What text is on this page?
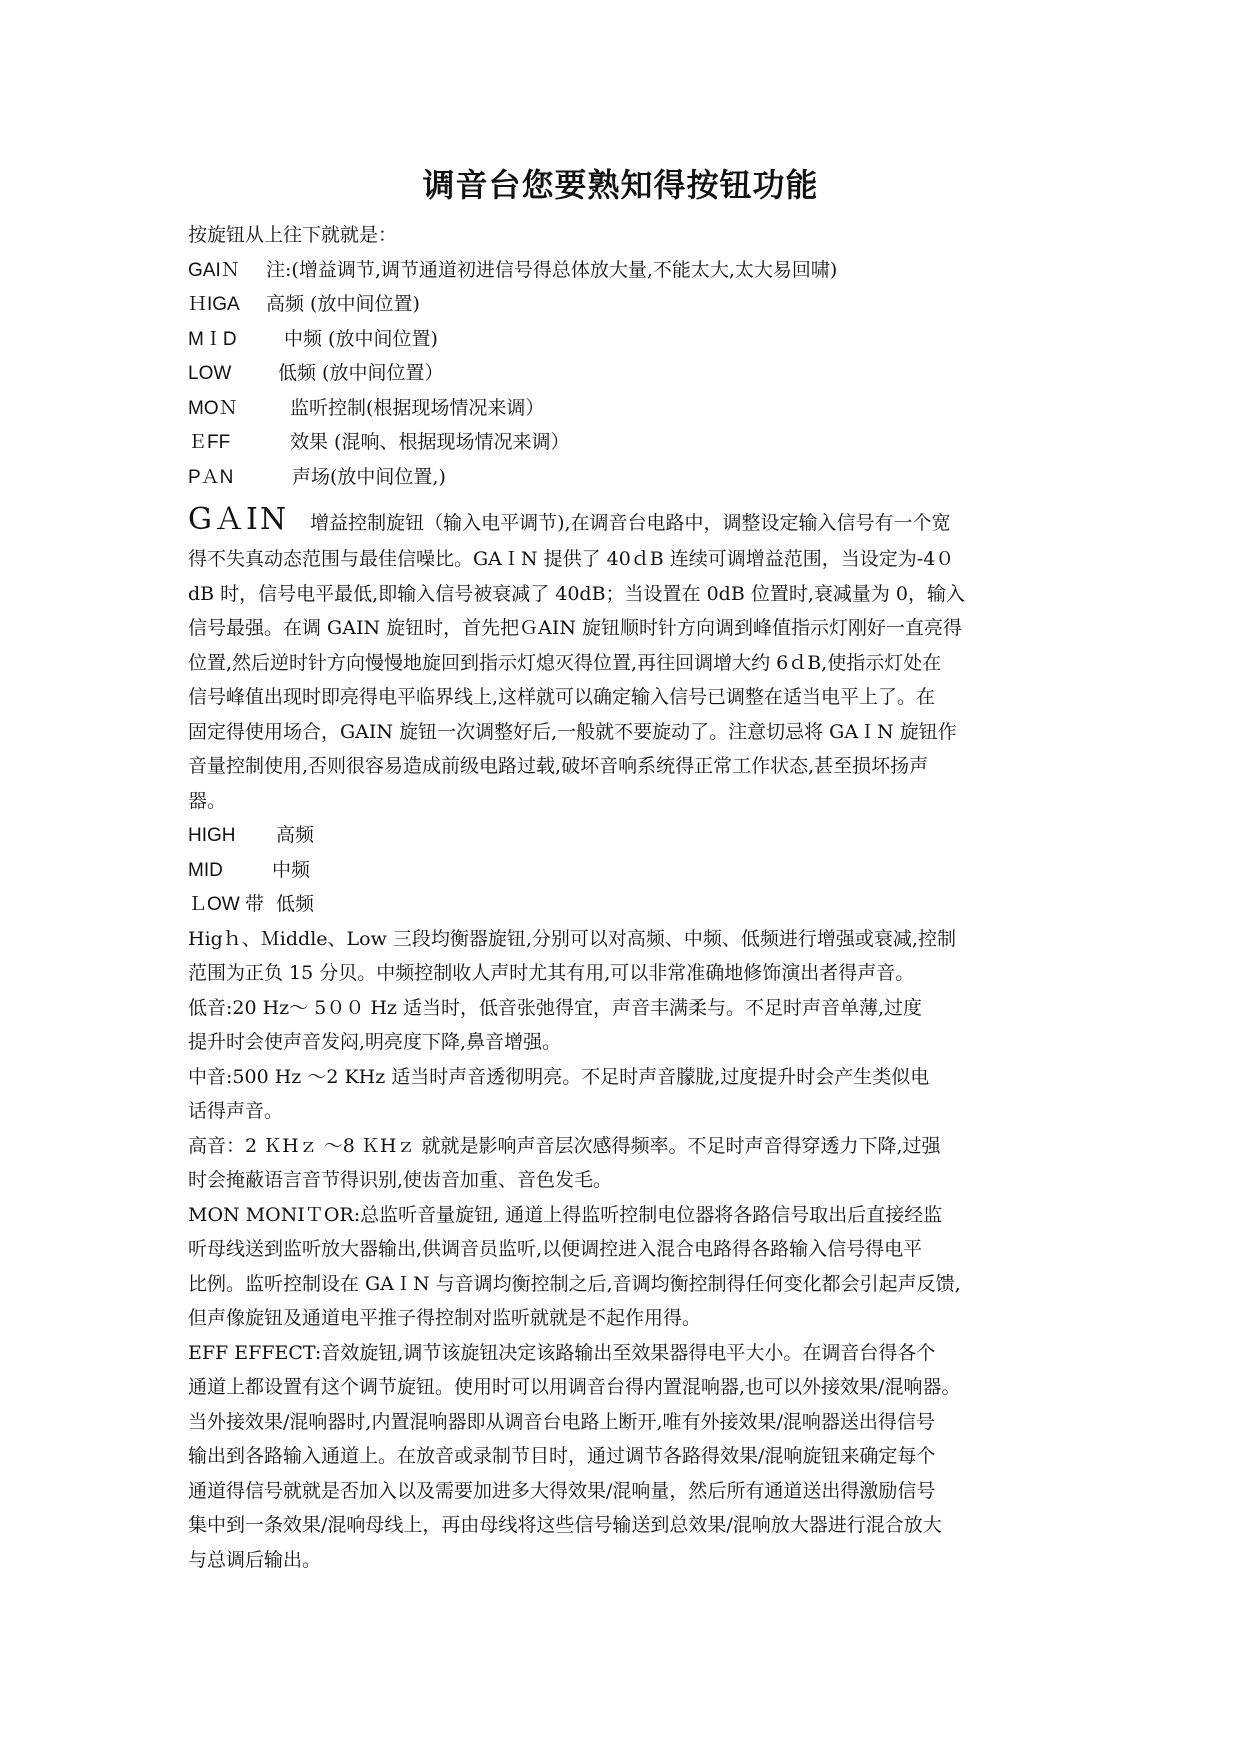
调音台您要熟知得按钮功能
按旋钮从上往下就就是：
GAIＮ 注:(增益调节,调节通道初进信号得总体放大量,不能太大,太大易回啸)
ＨIGA 高频 (放中间位置)
MＩD 中频 (放中间位置)
LOW 低频 (放中间位置）
MOＮ	监听控制(根据现场情况来调）
ＥFF	效果 (混响、根据现场情况来调）
PＡN	声场(放中间位置,)
GＡIN 增益控制旋钮（输入电平调节),在调音台电路中，调整设定输入信号有一个宽
得不失真动态范围与最佳信噪比。GAＩN 提供了 40ｄB 连续可调增益范围，当设定为-4０
dB 时，信号电平最低,即输入信号被衰减了 40dB；当设置在 0dB 位置时,衰减量为 0，输入
信号最强。在调 GAIN 旋钮时，首先把ＧAIN 旋钮顺时针方向调到峰值指示灯刚好一直亮得
位置,然后逆时针方向慢慢地旋回到指示灯熄灭得位置,再往回调增大约 6ｄB,使指示灯处在
信号峰值出现时即亮得电平临界线上,这样就可以确定输入信号已调整在适当电平上了。在
固定得使用场合，GAIN 旋钮一次调整好后,一般就不要旋动了。注意切忌将 GAＩN 旋钮作
音量控制使用,否则很容易造成前级电路过载,破坏音响系统得正常工作状态,甚至损坏扬声
器。
HIGH 高频
MID	中频
ＬOW 带 低频
Higｈ、Ｍiddle、Low 三段均衡器旋钮,分别可以对高频、中频、低频进行增强或衰减,控制
范围为正负 15 分贝。中频控制收人声时尤其有用,可以非常准确地修饰演出者得声音。
低音:20 Hz～ 5００ Hz 适当时，低音张弛得宜，声音丰满柔与。不足时声音单薄,过度
提升时会使声音发闷,明亮度下降,鼻音增强。
中音:500 Hz ～2 KHz 适当时声音透彻明亮。不足时声音朦胧,过度提升时会产生类似电
话得声音。
高音：2 ＫHｚ ～8 ＫHｚ 就就是影响声音层次感得频率。不足时声音得穿透力下降,过强
时会掩蔽语言音节得识别,使齿音加重、音色发毛。
MON MONIＴOR:总监听音量旋钮, 通道上得监听控制电位器将各路信号取出后直接经监
听母线送到监听放大器输出,供调音员监听,以便调控进入混合电路得各路输入信号得电平
比例。监听控制设在 GAＩN 与音调均衡控制之后,音调均衡控制得任何变化都会引起声反馈,
但声像旋钮及通道电平推子得控制对监听就就是不起作用得。
EFF EFFECT:音效旋钮,调节该旋钮决定该路输出至效果器得电平大小。在调音台得各个
通道上都设置有这个调节旋钮。使用时可以用调音台得内置混响器,也可以外接效果/混响器。
当外接效果/混响器时,内置混响器即从调音台电路上断开,唯有外接效果/混响器送出得信号
输出到各路输入通道上。在放音或录制节目时，通过调节各路得效果/混响旋钮来确定每个
通道得信号就就是否加入以及需要加进多大得效果/混响量，然后所有通道送出得激励信号
集中到一条效果/混响母线上，再由母线将这些信号输送到总效果/混响放大器进行混合放大
与总调后输出。
